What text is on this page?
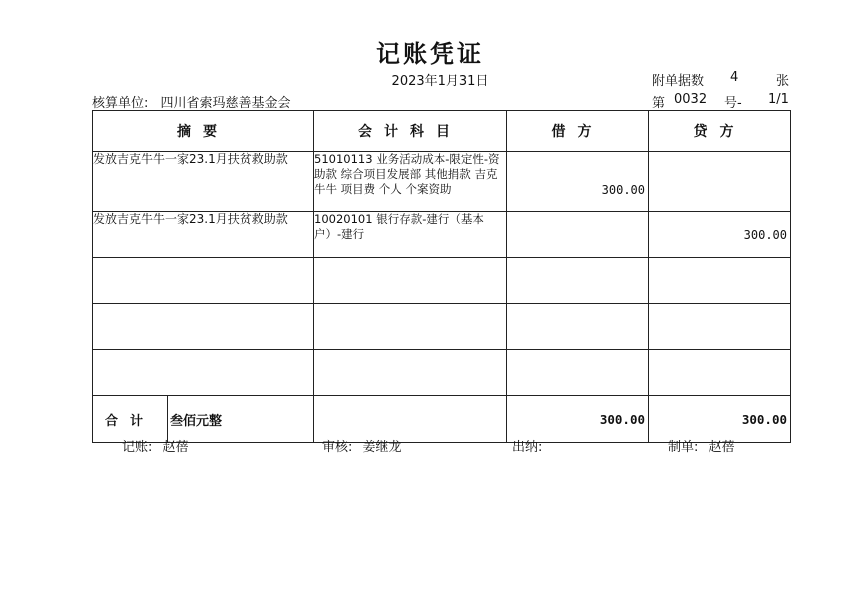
记账凭证
2023年1月31日	附单据数 4	张
核算单位: 四川省索玛慈善基金会	第 0032 号- 1/1
摘要	会计科目	借方	贷方
发放吉克牛牛一家23.1月扶贫救助款	51010113 业务活动成本-限定性-资助款 综合项目发展部 其他捐款 吉克牛牛 项目费 个人 个案资助	300.00	
发放吉克牛牛一家23.1月扶贫救助款	10020101 银行存款-建行（基本户）-建行		300.00

合计 叁佰元整		300.00	300.00
记账: 赵蓓	审核: 姜继龙	出纳:	制单: 赵蓓
